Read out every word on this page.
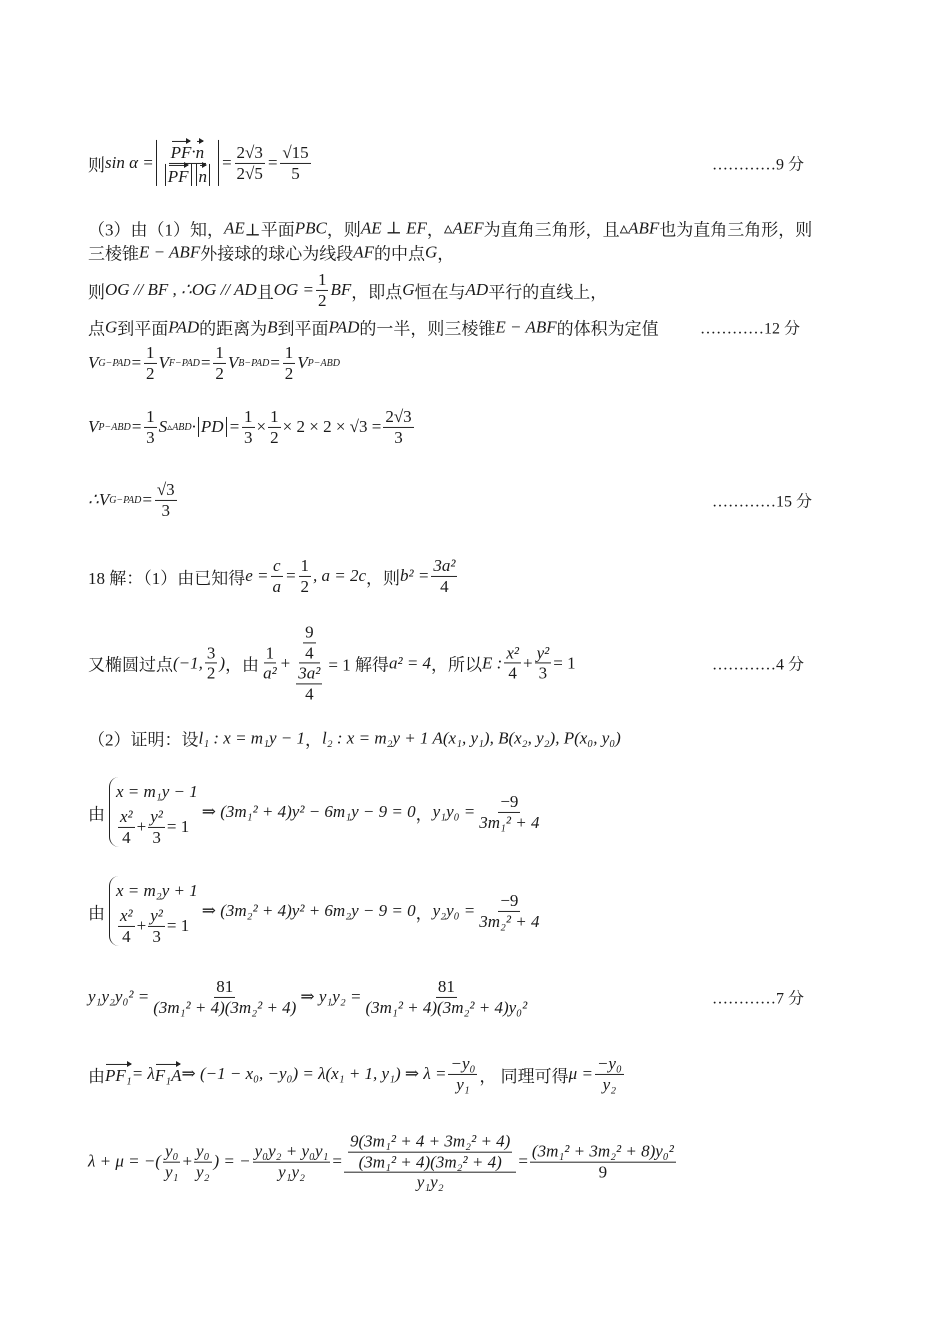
则 $\sin \alpha = \frac{PF \cdot n}{\text{PF n}} = \frac{2√3}{2√5} = \frac{√15}{5}$	…………9 分
（3）由（1）知， AE ⊥平面 PBC ，则 AE ⊥ EF ， ▵AEF 为直角三角形，且 ▵ABF 也为直角三角形，则
三棱锥 E − ABF 外接球的球心为线段 AF 的中点 G ，
则 OG // BF , ∴OG // AD 且 OG = $\frac{1}{2}$ BF ，即点 G 恒在与 AD 平行的直线上，
点 G 到平面 PAD 的距离为 B 到平面 PAD 的一半，则三棱锥 E − ABF 的体积为定值	…………12 分
V $G-PAD = \frac{1}{2}$ V $F-PAD = \frac{1}{2}$ V $B-PAD = \frac{1}{2}$ V P−ABD
V $P-ABD = \frac{1}{3}$ S ▵ABD · PD = $\frac{1}{3} \times \frac{1}{2} \times 2 \times 2 \times √3 = \frac{2√3}{3}$
∴V $G-PAD = \frac{√3}{3}$	…………15 分
18 解：（1）由已知得 $e = \frac{c}{a} = \frac{1}{2}$ , a = 2c ，则 $b^2 = \frac{\text{3a²}}{4}$
又椭圆过点 (−1, $\frac{3}{2}$ ) ，由 $\frac{1}{\text{a²}} + \frac{\frac{9}{4}}{\frac{\text{3a²}}{4}} = 1$ 解得 a² = 4 ，所以 E : $\frac{\text{x²}}{4} + \frac{\text{y²}}{3} = 1$	…………4 分
（2）证明：设 l₁ : x = m₁y − 1 ， l₂ : x = m₂y + 1 A(x₁, y₁), B(x₂, y₂), P(x₀, y₀)
由
x = m₁y − 1
$\frac{\text{x²}}{4} + \frac{\text{y²}}{3} = 1$
⇒ (3m₁² + 4)y² − 6m₁y − 9 = 0 ， $y_1y_0 = \frac{-9}{\text{3m₁² + 4}}$
由
x = m₂y + 1
$\frac{\text{x²}}{4} + \frac{\text{y²}}{3} = 1$
⇒ (3m₂² + 4)y² + 6m₂y − 9 = 0 ， $y_2y_0 = \frac{-9}{\text{3m₂² + 4}}$
$y_1y_2y_0^2 = \frac{81}{\text{(3m₁² + 4)(3m₂² + 4)}}$ ⇒ $y_1y_2 = \frac{81}{\text{(3m₁² + 4)(3m₂² + 4)y₀²}}$	…………7 分
由 PF₁ = λ F₁A ⇒ (−1 − x₀, −y₀) = λ(x₁ + 1, y₁) ⇒ $\lambda = \frac{\text{−y₀}}{\text{y₁}}$ ， 同理可得 $\mu = \frac{\text{−y₀}}{\text{y₂}}$
λ + μ = −( $\frac{\text{y₀}}{\text{y₁}} + \frac{\text{y₀}}{\text{y₂}}$ ) = − $\frac{\text{y₀y₂ + y₀y₁}}{\text{y₁y₂}} = \frac{\frac{\text{9(3m₁² + 4 + 3m₂² + 4)}}{\text{(3m₁² + 4)(3m₂² + 4)}}}{\text{y₁y₂}} = \frac{\text{(3m₁² + 3m₂² + 8)y₀²}}{9}$
